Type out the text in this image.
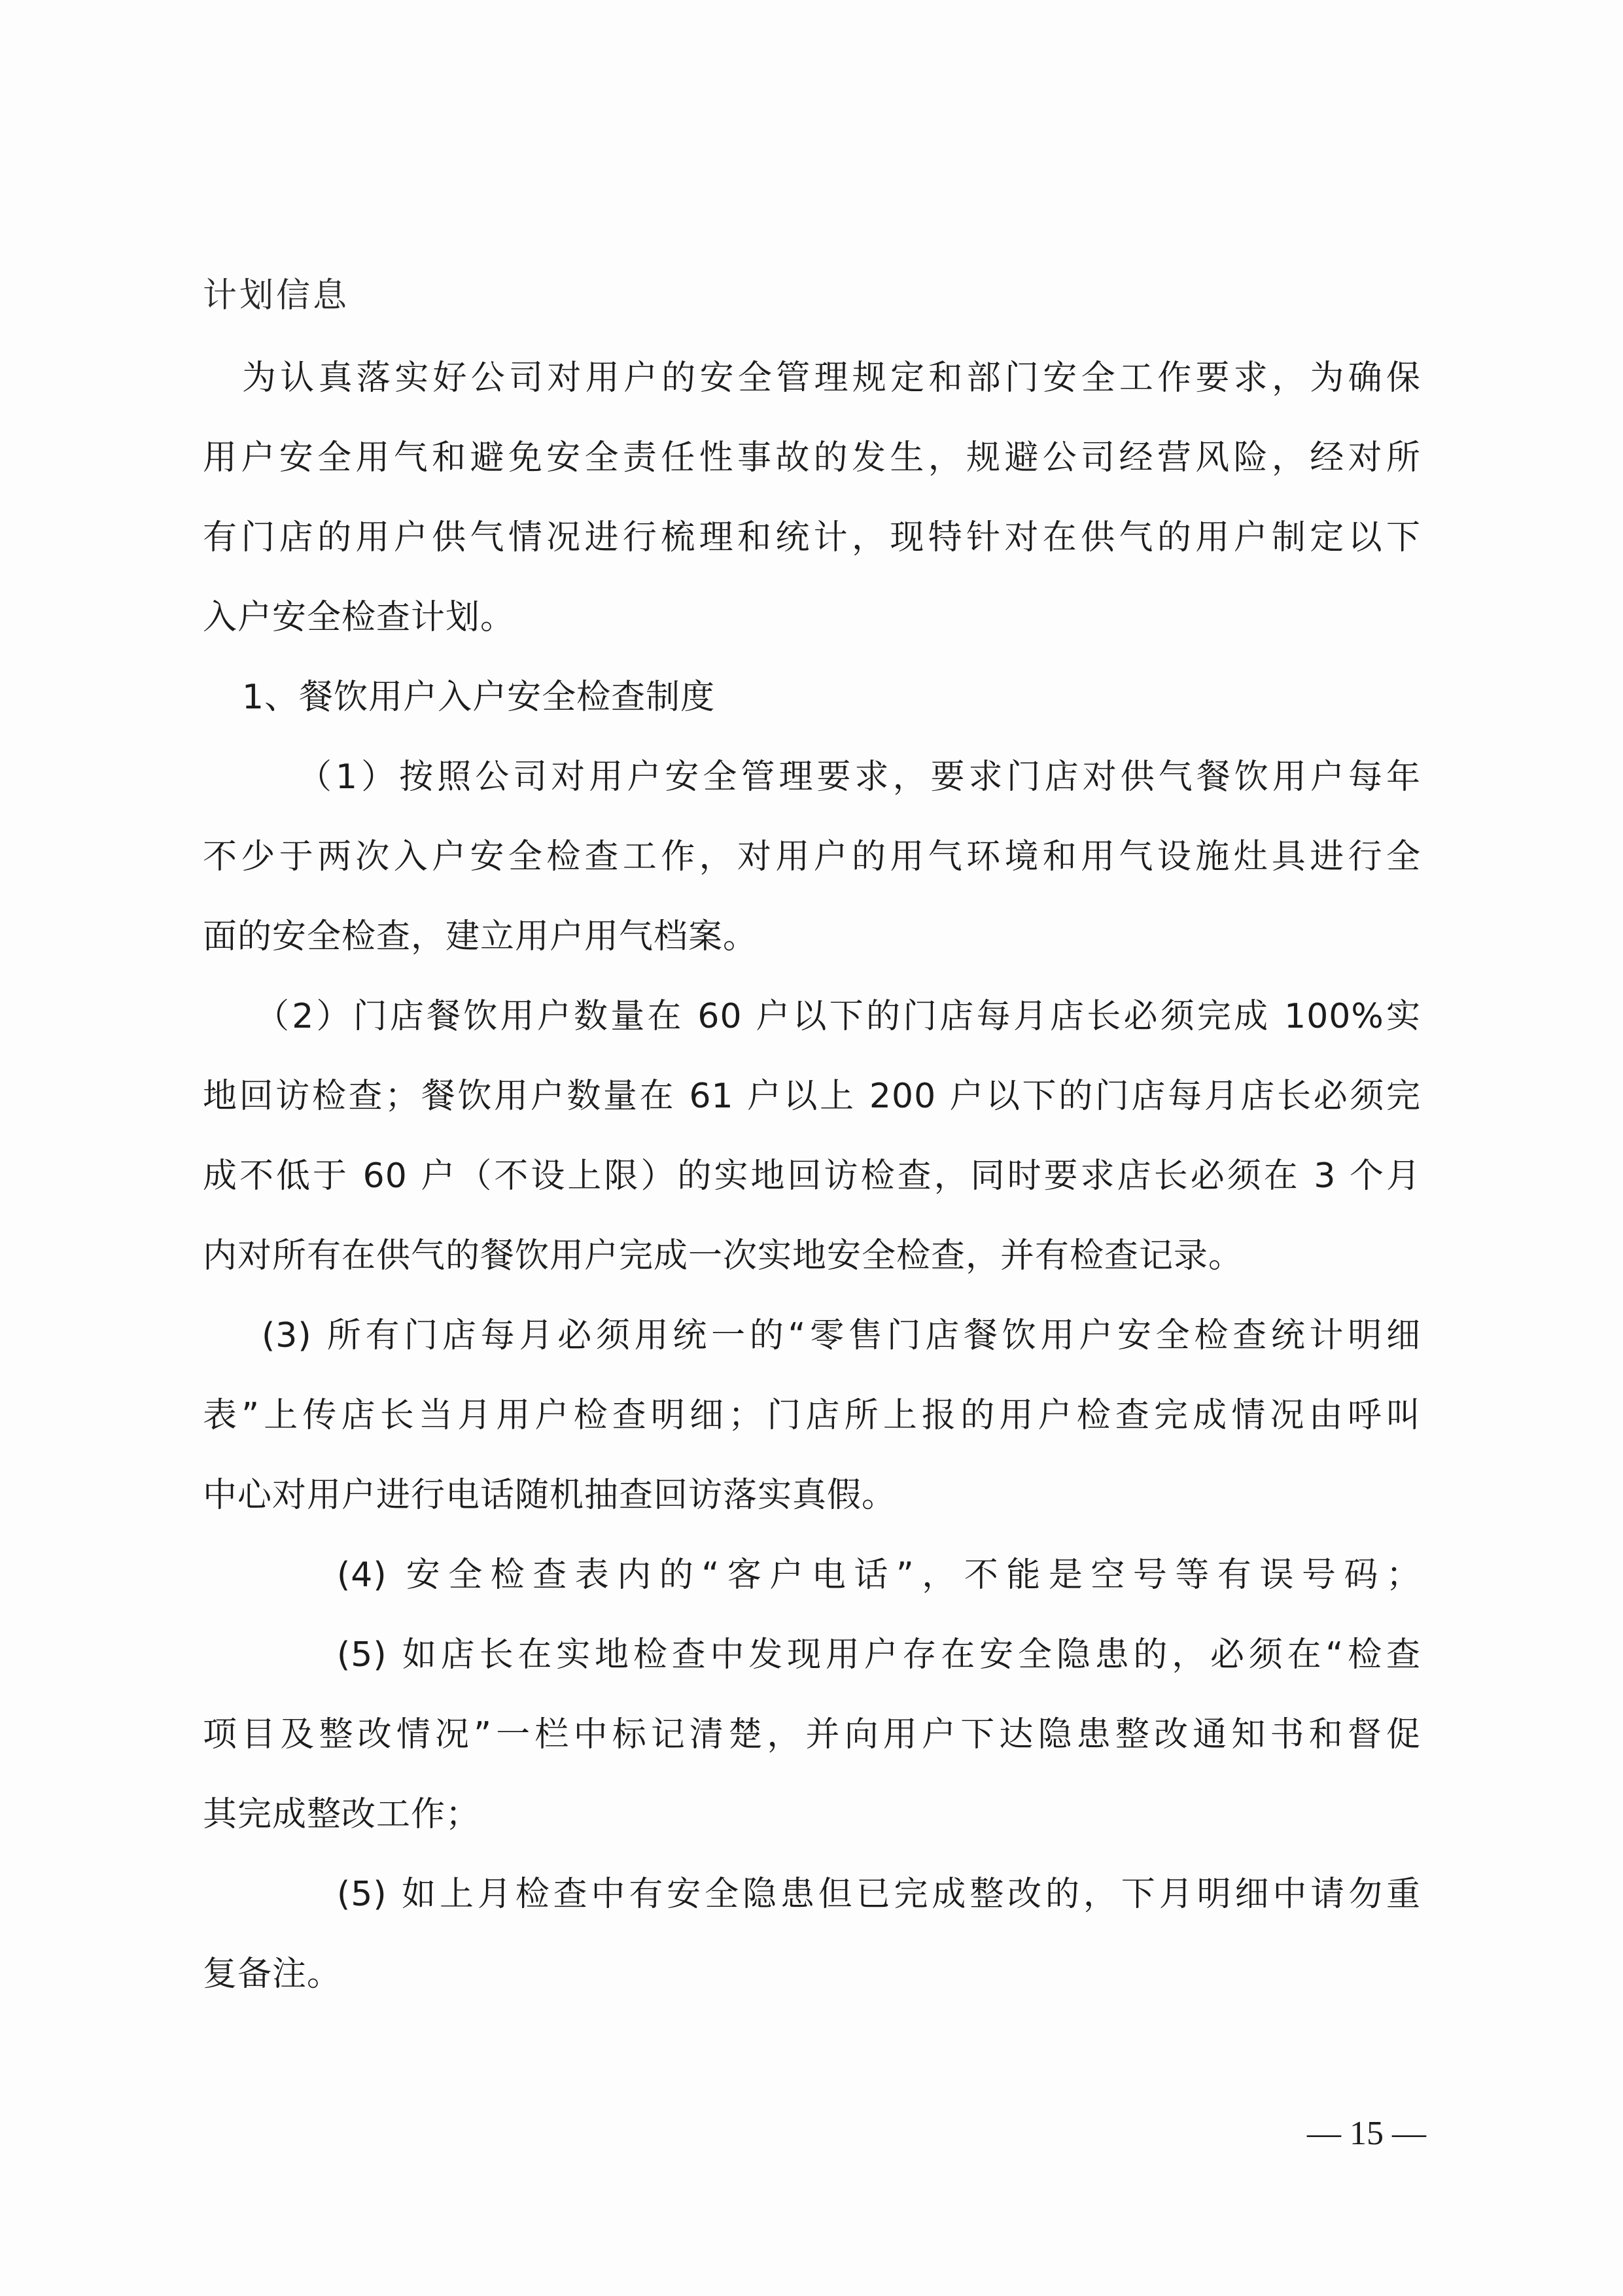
计划信息
为认真落实好公司对用户的安全管理规定和部门安全工作要求，为确保
用户安全用气和避免安全责任性事故的发生，规避公司经营风险，经对所
有门店的用户供气情况进行梳理和统计，现特针对在供气的用户制定以下
入户安全检查计划。
1、餐饮用户入户安全检查制度
（1）按照公司对用户安全管理要求，要求门店对供气餐饮用户每年
不少于两次入户安全检查工作，对用户的用气环境和用气设施灶具进行全
面的安全检查，建立用户用气档案。
（2）门店餐饮用户数量在 60 户以下的门店每月店长必须完成 100%实
地回访检查；餐饮用户数量在 61 户以上 200 户以下的门店每月店长必须完
成不低于 60 户（不设上限）的实地回访检查，同时要求店长必须在 3 个月
内对所有在供气的餐饮用户完成一次实地安全检查，并有检查记录。
(3) 所有门店每月必须用统一的“零售门店餐饮用户安全检查统计明细
表”上传店长当月用户检查明细；门店所上报的用户检查完成情况由呼叫
中心对用户进行电话随机抽查回访落实真假。
(4) 安全检查表内的“客户电话”，不能是空号等有误号码；
(5) 如店长在实地检查中发现用户存在安全隐患的，必须在“检查
项目及整改情况”一栏中标记清楚，并向用户下达隐患整改通知书和督促
其完成整改工作；
(5) 如上月检查中有安全隐患但已完成整改的，下月明细中请勿重
复备注。
— 15 —
